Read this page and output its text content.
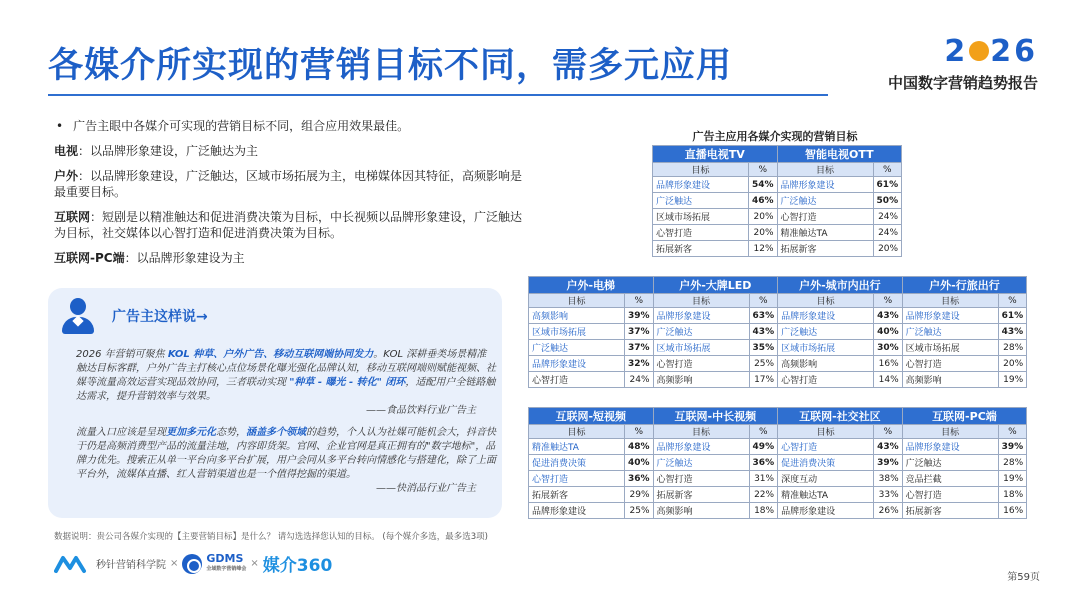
各媒介所实现的营销目标不同，需多元应用	2 26
中国数字营销趋势报告

• 广告主眼中各媒介可实现的营销目标不同，组合应用效果最佳。

电视：以品牌形象建设，广泛触达为主

户外：以品牌形象建设，广泛触达，区域市场拓展为主，电梯媒体因其特征，高频影响是最重要目标。

互联网：短剧是以精准触达和促进消费决策为目标，中长视频以品牌形象建设，广泛触达为目标，社交媒体以心智打造和促进消费决策为目标。

互联网-PC端：以品牌形象建设为主

广告主这样说→
2026 年营销可聚焦 KOL 种草、户外广告、移动互联网端协同发力。KOL 深耕垂类场景精准触达目标客群，户外广告主打核心点位场景化曝光强化品牌认知，移动互联网端则赋能视频、社媒等流量高效运营实现品效协同，三者联动实现 "种草 - 曝光 - 转化" 闭环，适配用户全链路触达需求，提升营销效率与效果。
——食品饮料行业广告主
流量入口应该是呈现更加多元化态势，涵盖多个领域的趋势，个人认为社媒可能机会大，抖音快于仍是高频消费型产品的流量洼地，内容即货架。官网、企业官网是真正拥有的"数字地标"，品牌力优先。搜索正从单一平台向多平台扩展，用户会同从多平台转向情感化与搭建化，除了上面平台外，流媒体直播、红人营销渠道也是一个值得挖掘的渠道。
——快消品行业广告主
数据说明：贵公司各媒介实现的【主要营销目标】是什么？ 请勾选选择您认知的目标。 (每个媒介多选，最多选3项)
秒针营销科学院 ×	GDMS
全域数字营销峰会 × 媒介360
第59页
广告主应用各媒介实现的营销目标
直播电视TV		智能电视OTT	
目标	%	目标	%
品牌形象建设	54%	品牌形象建设	61%
广泛触达	46%	广泛触达	50%
区域市场拓展	20%	心智打造	24%
心智打造	20%	精准触达TA	24%
拓展新客	12%	拓展新客	20%
户外-电梯		户外-大牌LED		户外-城市内出行		户外-行旅出行	
目标	%	目标	%	目标	%	目标	%
高频影响	39%	品牌形象建设	63%	品牌形象建设	43%	品牌形象建设	61%
区域市场拓展	37%	广泛触达	43%	广泛触达	40%	广泛触达	43%
广泛触达	37%	区域市场拓展	35%	区域市场拓展	30%	区域市场拓展	28%
品牌形象建设	32%	心智打造	25%	高频影响	16%	心智打造	20%
心智打造	24%	高频影响	17%	心智打造	14%	高频影响	19%
互联网-短视频		互联网-中长视频		互联网-社交社区		互联网-PC端	
目标	%	目标	%	目标	%	目标	%
精准触达TA	48%	品牌形象建设	49%	心智打造	43%	品牌形象建设	39%
促进消费决策	40%	广泛触达	36%	促进消费决策	39%	广泛触达	28%
心智打造	36%	心智打造	31%	深度互动	38%	竞品拦截	19%
拓展新客	29%	拓展新客	22%	精准触达TA	33%	心智打造	18%
品牌形象建设	25%	高频影响	18%	品牌形象建设	26%	拓展新客	16%
